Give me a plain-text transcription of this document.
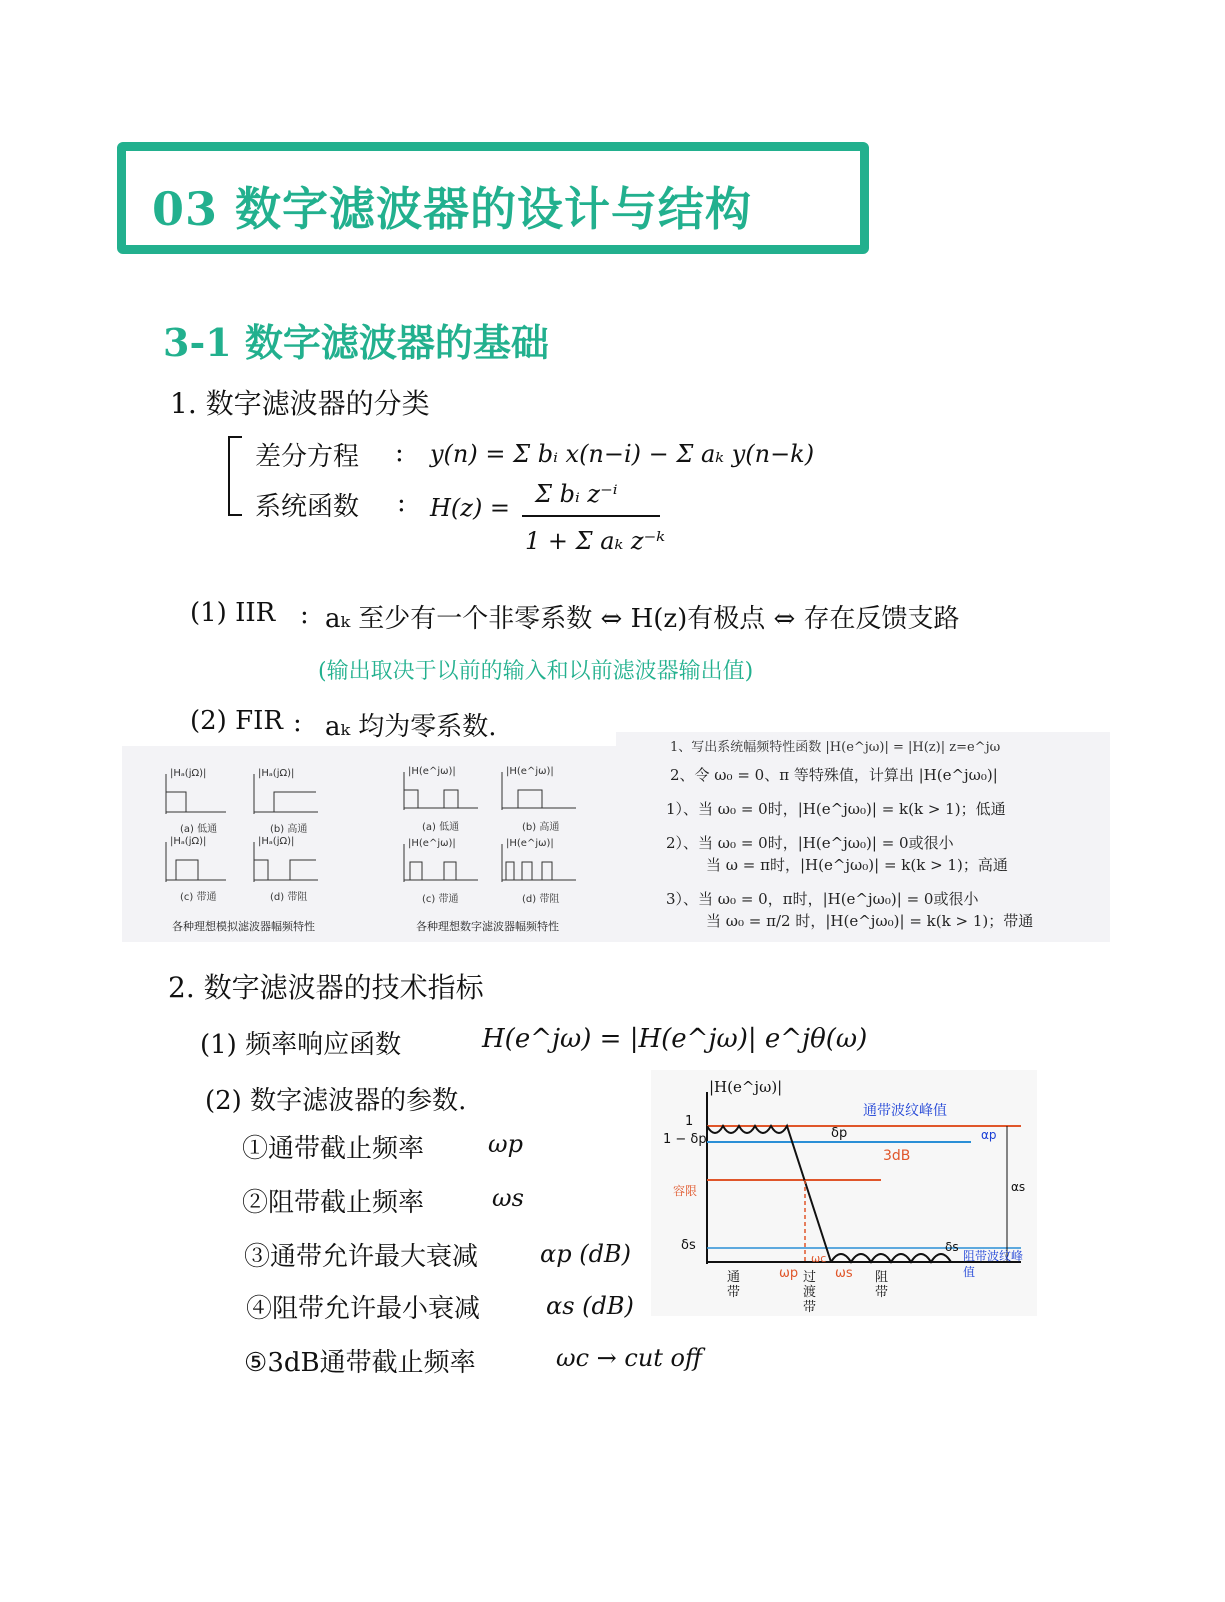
03 数字滤波器的设计与结构
3-1 数字滤波器的基础
1. 数字滤波器的分类
差分方程 : y(n) = Σ bᵢ x(n−i) − Σ aₖ y(n−k)
系统函数 : H(z) = Σ bᵢ z⁻ⁱ
1 + Σ aₖ z⁻ᵏ
(1) IIR : aₖ 至少有一个非零系数 ⇔ H(z)有极点 ⇔ 存在反馈支路
(输出取决于以前的输入和以前滤波器输出值)
(2) FIR : aₖ 均为零系数.
|Hₐ(jΩ)|	|Hₐ(jΩ)|
|Hₐ(jΩ)|	|Hₐ(jΩ)|
(a) 低通	(b) 高通
(c) 带通	(d) 带阻
|H(e^jω)|	|H(e^jω)|
|H(e^jω)|	|H(e^jω)|
(a) 低通	(b) 高通
(c) 带通	(d) 带阻
各种理想模拟滤波器幅频特性	各种理想数字滤波器幅频特性
1、写出系统幅频特性函数 |H(e^jω)| = |H(z)| z=e^jω
2、令 ω₀ = 0、π 等特殊值，计算出 |H(e^jω₀)|
1）、当 ω₀ = 0时，|H(e^jω₀)| = k(k > 1)；低通
2）、当 ω₀ = 0时，|H(e^jω₀)| = 0或很小
当 ω = π时，|H(e^jω₀)| = k(k > 1)；高通
3）、当 ω₀ = 0，π时，|H(e^jω₀)| = 0或很小
当 ω₀ = π/2 时，|H(e^jω₀)| = k(k > 1)；带通
2. 数字滤波器的技术指标
(1) 频率响应函数	H(e^jω) = |H(e^jω)| e^jθ(ω)
(2) 数字滤波器的参数.
①通带截止频率	ωp
②阻带截止频率	ωs
③通带允许最大衰减	αp (dB)
④阻带允许最小衰减	αs (dB)
⑤3dB通带截止频率	ωc → cut off
|H(e^jω)|
1
1 − δp	δp
通带波纹峰值
3dB
容限
δs	δs
阻带波纹峰值
αp
αs
ωp
ωc
ωs
通带
过渡带
阻带
